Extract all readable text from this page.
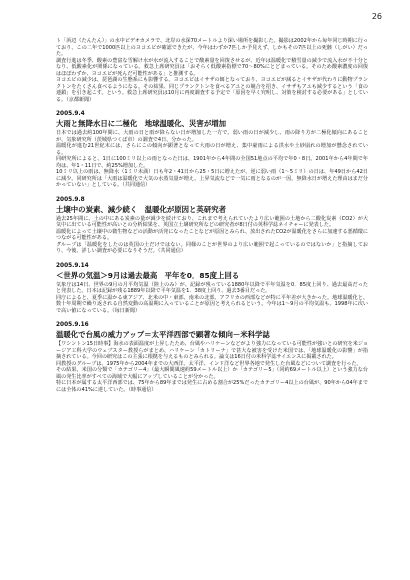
26

ト「浜辺（たんたん）」の水中ビデオカメラで、北岸の水深70メートルより深い場所を撮影した。撮影は2002年から毎年同じ時期に行っており、この二年で1000匹以上のヨコエビが確認できたが、今年はわずか7匹しか予見えず、しかもその7匹以上の死骸（しがい）だった。

調査行進は冬季、酸素の豊富な雪解け水が水が流入することで酸素量を回復させるが、近年は温暖化で積雪量の減少で流入水が不十分となり、低酸素化が関係になっている。救急上席研究員は「おそらく低酸素指標で70〜80%にとどまっている。そのため酸素濃度の回復はほぼわずか、ヨコエビが死んだ可能性がある」と推測する。

ヨコエビの減少は、琵琶湖の生態系にも影響する。ヨコエビはイサザの餌となっており、ヨコエビが減るとイサザが代わりに動物プランクトンをたくさん食べるようになる。その結果、同じプランクトンを食べるアユとの競合を招き、イサザもアユも減少するという「食の連鎖」を引き起こす。という。救急上席研究員は10月に再度調査する予定で「原因を早く究明し、対策を検討する必要がある」としている。（京都新聞）

2005.9.4

大雨と無降水日に二極化　地球温暖化、災害が増加

日本では過去約100年間に、大雨の日と雨が降らない日が増加した一方で、弱い雨の日が減少し、雨の降り方が二極化傾向にあることが、気象研究所（茨城県つくば市）の調査で4日、分かった。

温暖化が進む21世紀末には、さらにこの傾向が顕著となって大雨の日が増え、集中豪雨による洪水や土砂崩れの増加が懸念されている。

同研究所によると、1日に100ミリ以上の雨となった日は、1901年から4年間の全国51地点の平均で年0・8日。2001年から4年間で年均は、年1・11日で、約25%増加した。

10ミリ以上の雨は、無降水（1ミリ未満）日も年2・41日から25・5日に増えたが、逆に弱い雨（1〜5ミリ）の日は、年49日から42日に減少。同研究所は「大雨は温暖化で大気の水蒸気量が増え、上昇気流などで一気に雨となるのが一因。無降水日が増えた理由はまだ分かっていない」としている。（共同通信）

2005.9.8

土壌中の炭素、減少続く　温暖化が原因と英研究者

過去25年間に、土の中にある炭素の量が減少を続けており、これまで考えられていたより広い範囲の土地から二酸化炭素（CO2）が大気中に出ている可能性が高いとの分析結果を、英国立土壌研究所などの研究者が8日付の英科学誌ネイチャーに発表した。

温暖化によって土壌中の微生物などの活動が活発になったことなどが原因とみられ、放出されたCO2が温暖化をさらに加速する悪循環につながる可能性がある。

グループは「温暖化をしたのは英国の土だけではない。同様のことが世界のより広い範囲で起こっているのではないか」と指摘しており、今後、詳しい調査が必要になりそうだ。（共同通信）

2005.9.14

＜世界の気温＞9月は過去最高　平年を0．85度上回る

気象庁は14日、世界の9月の月平均気温（陸上のみ）が、記録が残っている1880年以降で平年気温を0．85度上回り、過去最高だったと発表した。日本は記録が残る1889年以降で平年気温を1．38度上回り、過去3番目だった。

同庁によると、夏季に温かる東アジア、北米の中・東部、南米の北部、アフリカの西部などが特に平年差が大きかった。地球温暖化と、数十年周期で繰り返される自然変動の高温期に入っていることが原因と考えられるという。今年は1〜9月の平均気温も、1998年に次いで高い値になっている。（毎日新聞）

2005.9.16

温暖化で台風の威力アップ＝太平洋西部で顕著な傾向－米科学誌

【ワシントン15日時事】海水の表面温度が上昇したため、台風やハリケーンなどがより強力になっている可能性が強いとの研究を米ジョージア工科大学のウェブスター教授らがまとめ、ハリケーン「カトリーナ」で甚大な被害を受けた米国では、「地球温暖化の影響」が指摘されている。今回の研究はこの主張に根拠を与えるものとみられる。論文は16日付の米科学誌サイエンスに掲載された。

同教授のグループは、1975年から2004年までの大西洋、太平洋、インド洋など世界各地で発生した台風などについて調査を行った。

その結果、米国の分類で「カテゴリー4」（最大瞬間風速約59メートル以上）か「カテゴリー5」（同約69メートル以上）という強力な台風の発生比率がすべての海域で大幅にアップしていることが分かった。

特に日本が属する太平洋西部では、75年から89年までは発生に占める割合が25%だったカテゴリー4以上の台風が、90年から04年までには全体の41%に達していた。（時事通信）
